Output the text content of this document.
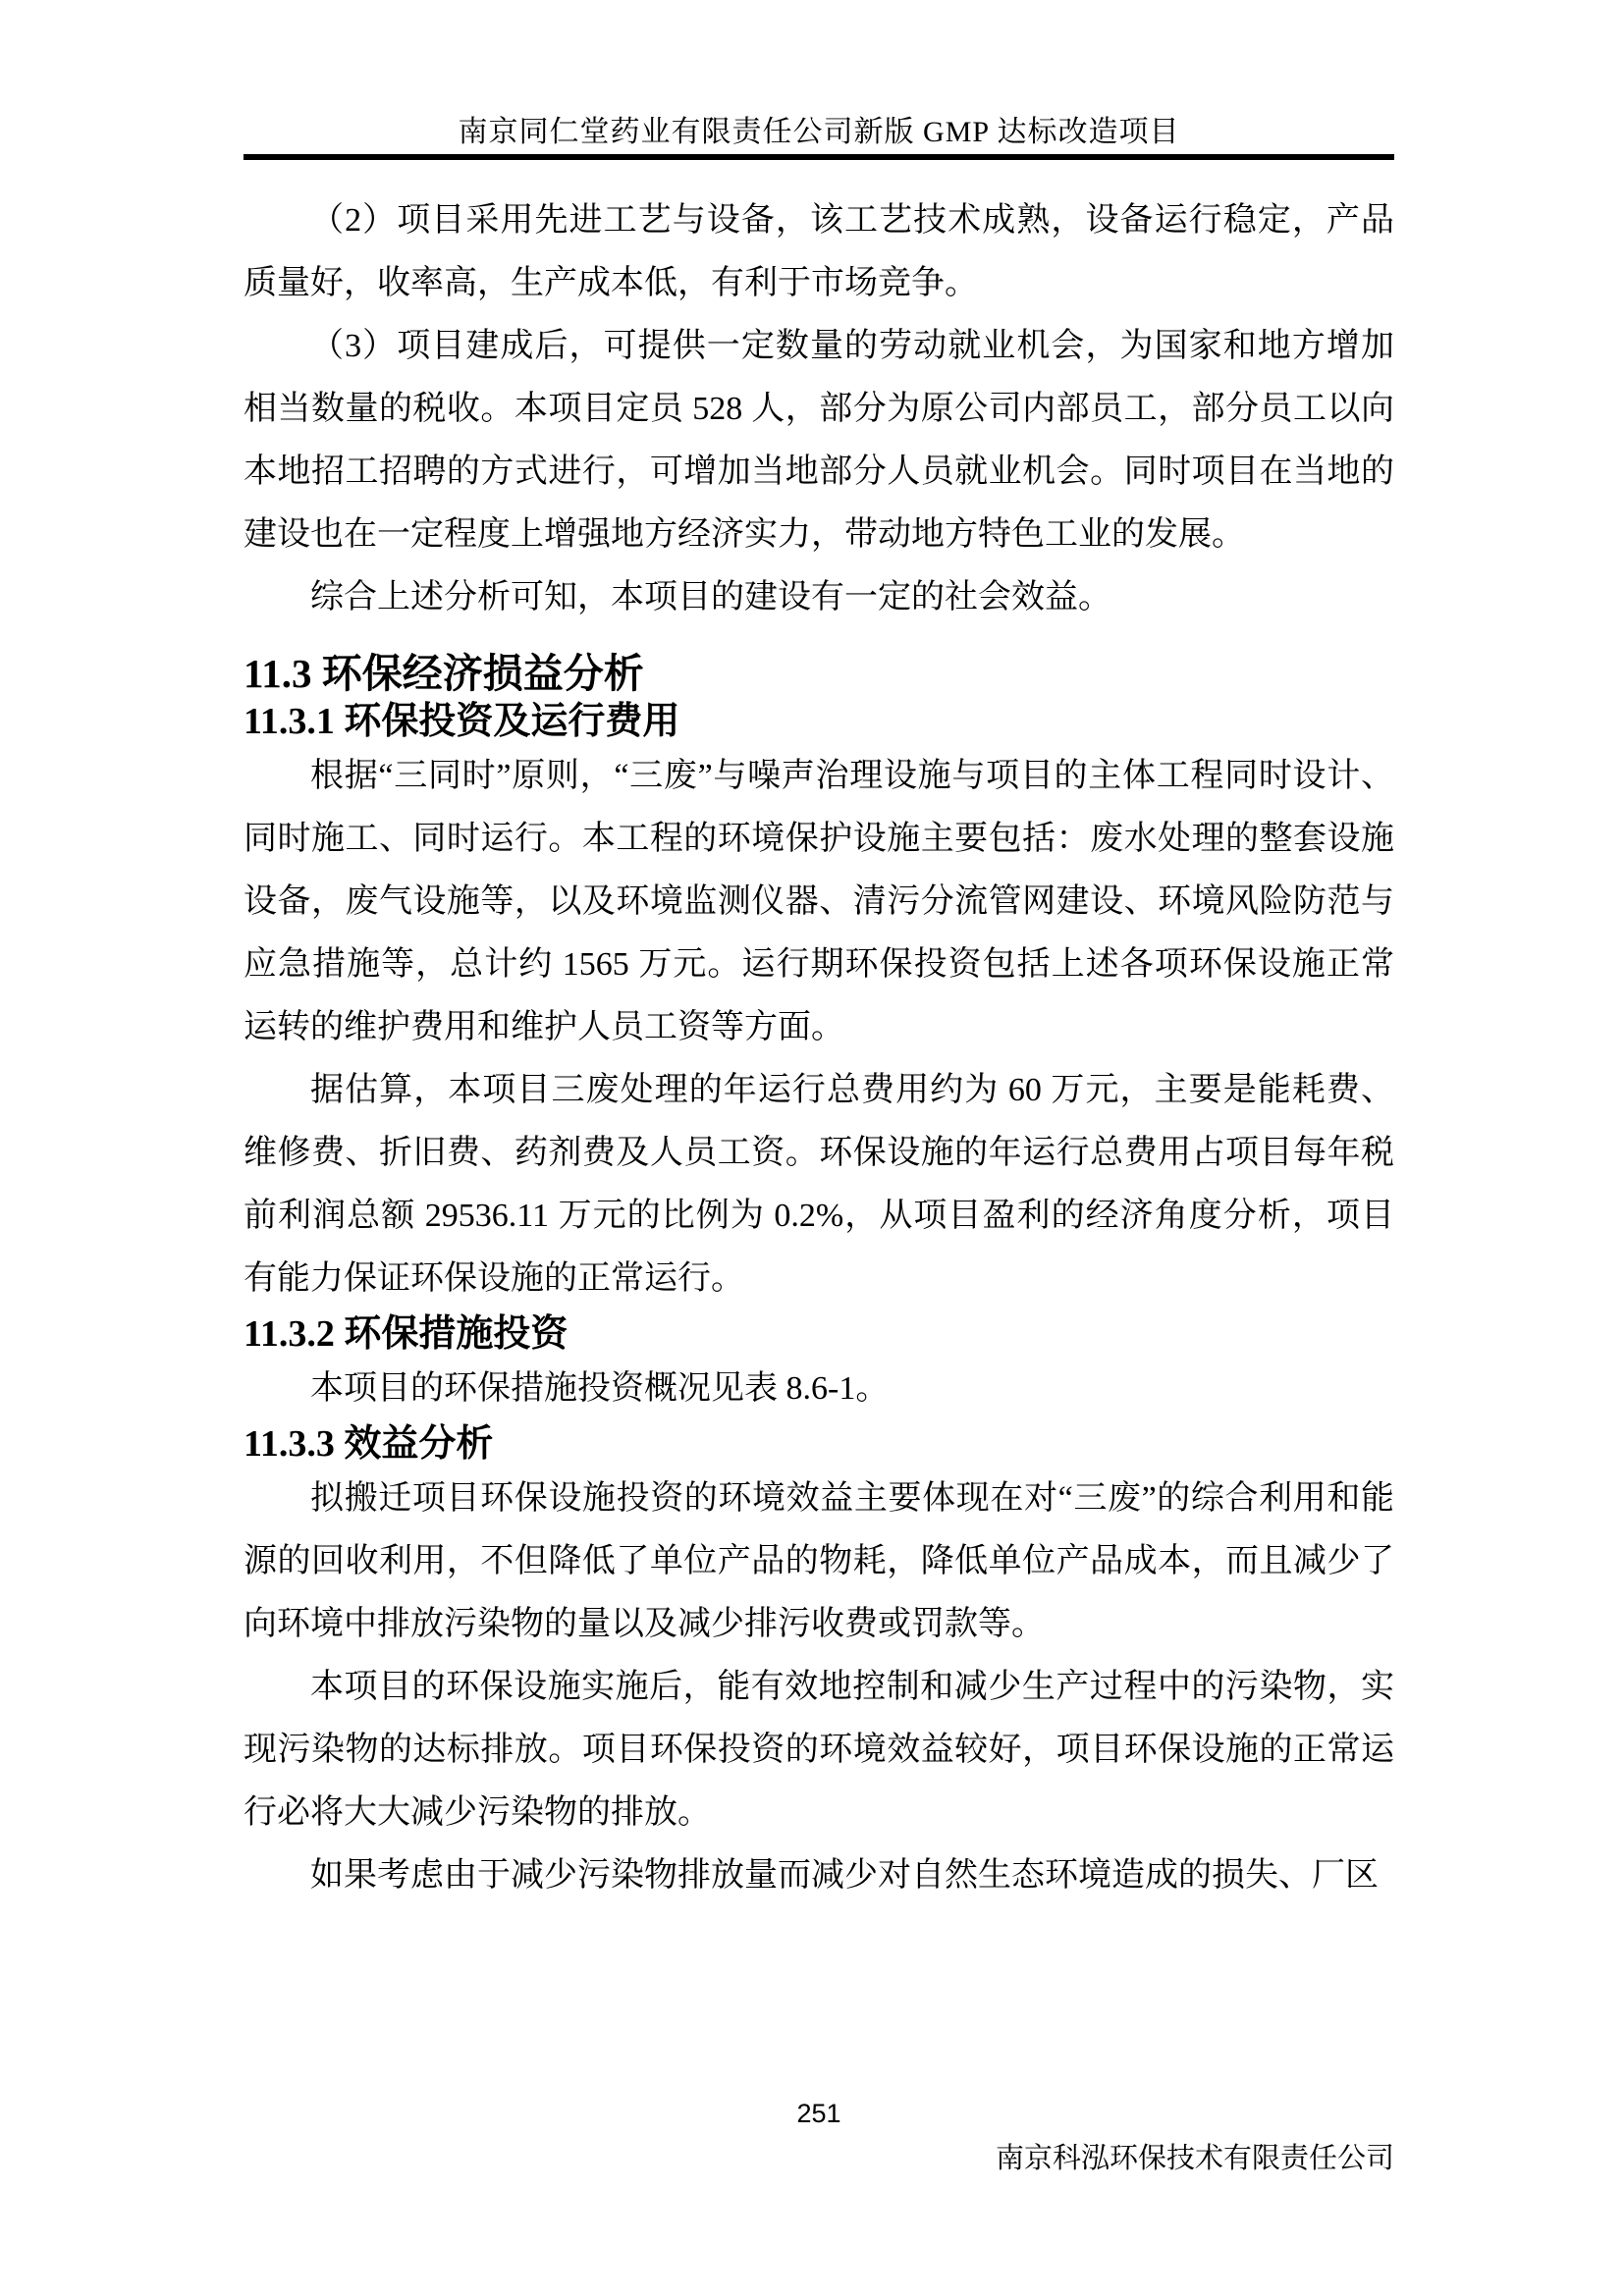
南京同仁堂药业有限责任公司新版 GMP 达标改造项目

（2）项目采用先进工艺与设备，该工艺技术成熟，设备运行稳定，产品质量好，收率高，生产成本低，有利于市场竞争。

（3）项目建成后，可提供一定数量的劳动就业机会，为国家和地方增加相当数量的税收。本项目定员 528 人，部分为原公司内部员工，部分员工以向本地招工招聘的方式进行，可增加当地部分人员就业机会。同时项目在当地的建设也在一定程度上增强地方经济实力，带动地方特色工业的发展。

综合上述分析可知，本项目的建设有一定的社会效益。

11.3 环保经济损益分析
11.3.1 环保投资及运行费用

根据“三同时”原则，“三废”与噪声治理设施与项目的主体工程同时设计、同时施工、同时运行。本工程的环境保护设施主要包括：废水处理的整套设施设备，废气设施等，以及环境监测仪器、清污分流管网建设、环境风险防范与应急措施等，总计约 1565 万元。运行期环保投资包括上述各项环保设施正常运转的维护费用和维护人员工资等方面。

据估算，本项目三废处理的年运行总费用约为 60 万元，主要是能耗费、维修费、折旧费、药剂费及人员工资。环保设施的年运行总费用占项目每年税前利润总额 29536.11 万元的比例为 0.2%，从项目盈利的经济角度分析，项目有能力保证环保设施的正常运行。

11.3.2 环保措施投资

本项目的环保措施投资概况见表 8.6-1。

11.3.3 效益分析

拟搬迁项目环保设施投资的环境效益主要体现在对“三废”的综合利用和能源的回收利用，不但降低了单位产品的物耗，降低单位产品成本，而且减少了向环境中排放污染物的量以及减少排污收费或罚款等。

本项目的环保设施实施后，能有效地控制和减少生产过程中的污染物，实现污染物的达标排放。项目环保投资的环境效益较好，项目环保设施的正常运行必将大大减少污染物的排放。

如果考虑由于减少污染物排放量而减少对自然生态环境造成的损失、厂区

251
南京科泓环保技术有限责任公司
